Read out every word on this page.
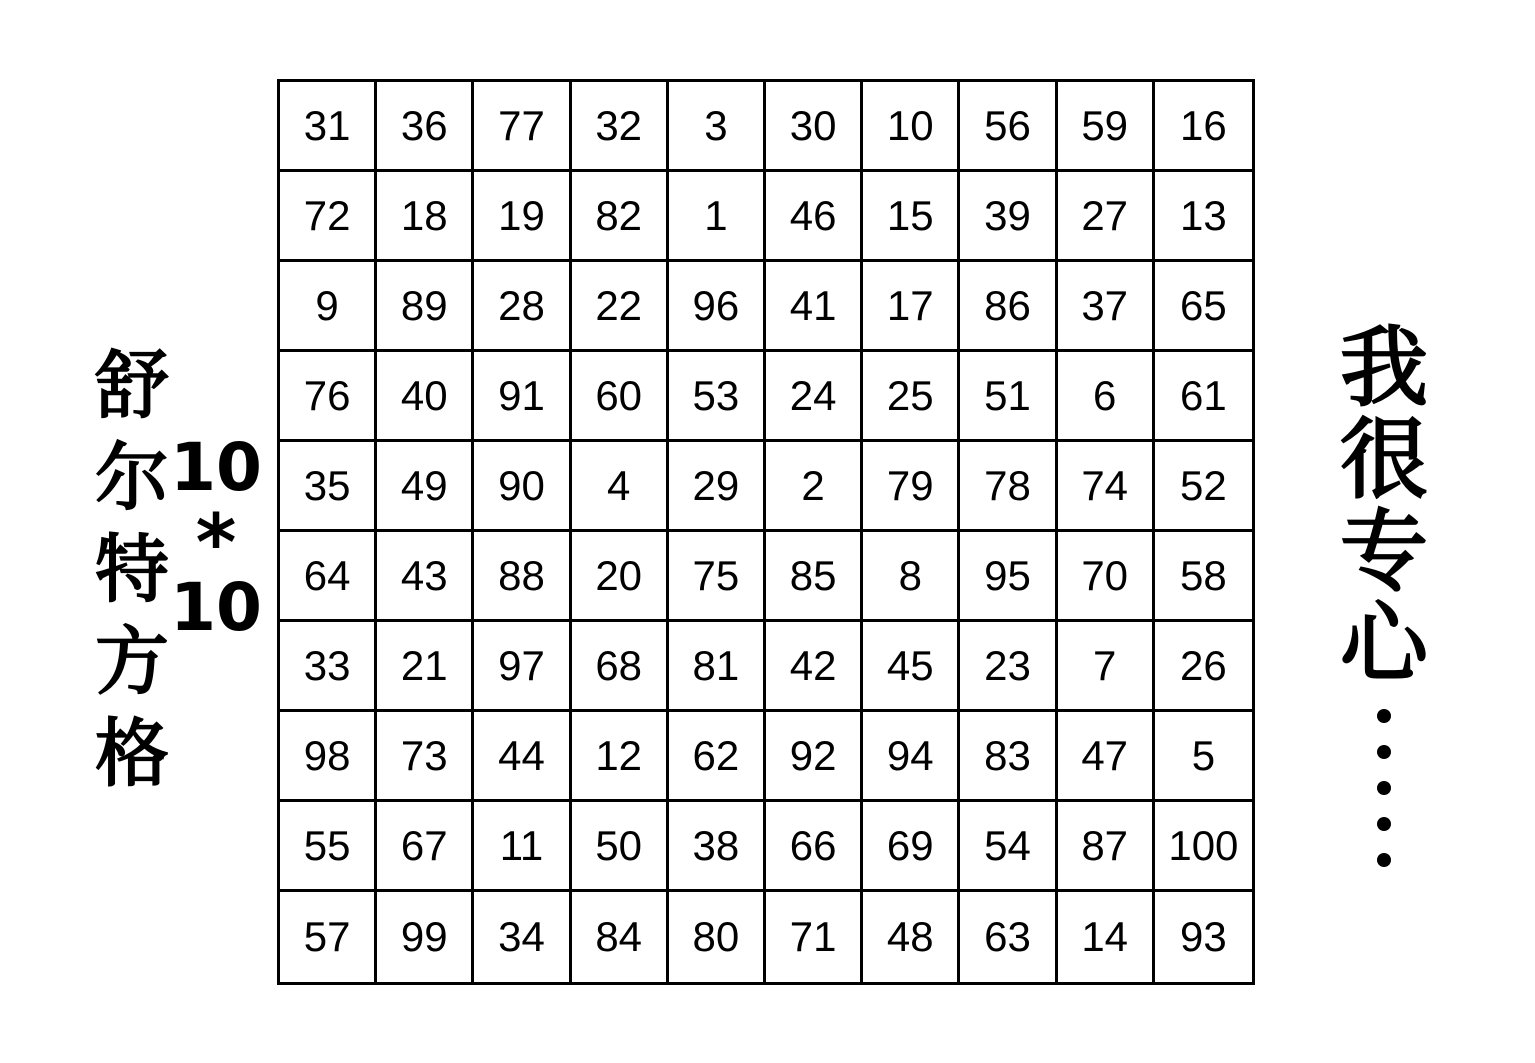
舒
尔
特
方
格
10
*
10
31	36	77	32	3	30	10	56	59	16
72	18	19	82	1	46	15	39	27	13
9	89	28	22	96	41	17	86	37	65
76	40	91	60	53	24	25	51	6	61
35	49	90	4	29	2	79	78	74	52
64	43	88	20	75	85	8	95	70	58
33	21	97	68	81	42	45	23	7	26
98	73	44	12	62	92	94	83	47	5
55	67	11	50	38	66	69	54	87 100
57	99	34	84	80	71	48	63	14	93
我
很
专
心
